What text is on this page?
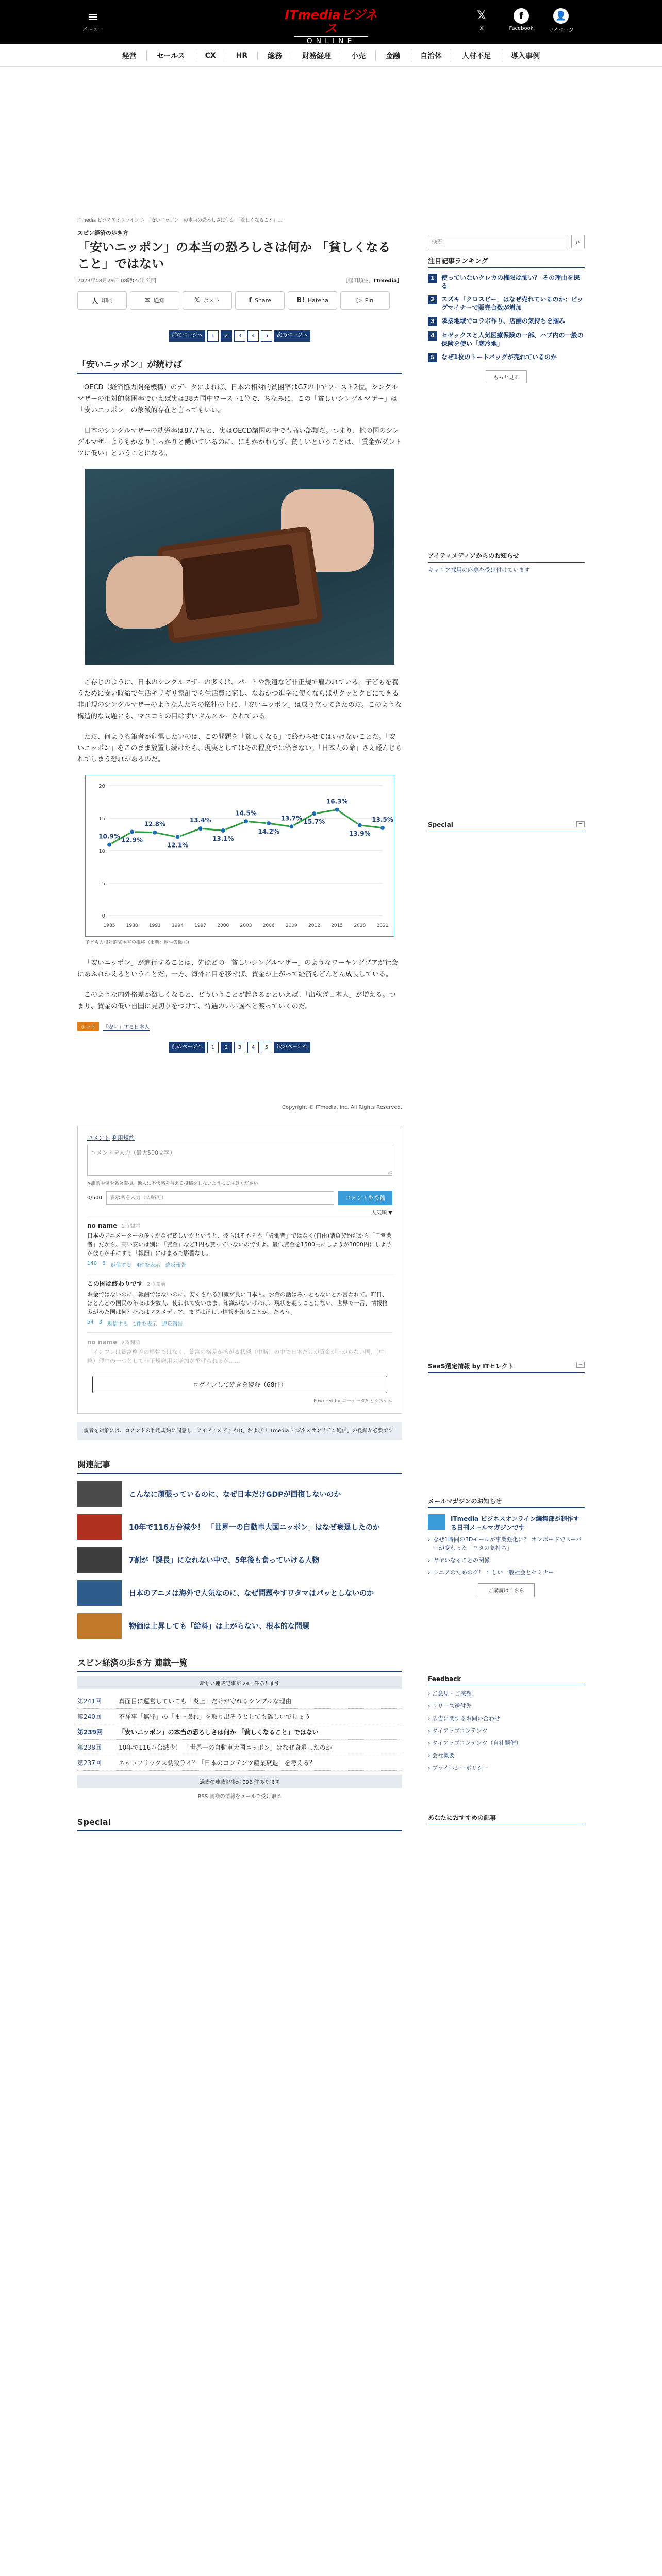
≡
メニュー
ITmediaビジネス
ONLINE
𝕏
X
f
Facebook
👤
マイページ
経営	セールス	CX	HR	総務	財務経理	小売	金融	自治体	人材不足	導入事例
ITmedia ビジネスオンライン ＞ 「安いニッポン」の本当の恐ろしさは何か 「貧しくなること」...
スピン経済の歩き方
「安いニッポン」の本当の恐ろしさは何か 「貧しくなること」ではない
2023年08月29日 08時05分 公開	［窪田順生，ITmedia］
人 印刷	✉ 通知	𝕏 ポスト	f Share	B! Hatena	▷ Pin
前のページへ	1	2	3	4	5	次のページへ
「安いニッポン」が続けば

OECD（経済協力開発機構）のデータによれば、日本の相対的貧困率はG7の中でワースト2位。シングルマザーの相対的貧困率でいえば実は38カ国中ワースト1位で、ちなみに、この「貧しいシングルマザー」は「安いニッポン」の象徴的存在と言ってもいい。

日本のシングルマザーの就労率は87.7％と、実はOECD諸国の中でも高い部類だ。つまり、他の国のシングルマザーよりもかなりしっかりと働いているのに、にもかかわらず、貧しいということは、「賃金がダントツに低い」ということになる。

ご存じのように、日本のシングルマザーの多くは、パートや派遣など非正規で雇われている。子どもを養うために安い時給で生活ギリギリ家計でも生活費に窮し、なおかつ進学に使くならばサクッとクビにできる非正規のシングルマザーのような人たちの犠牲の上に、「安いニッポン」は成り立ってきたのだ。このような構造的な問題にも、マスコミの目はずいぶんスルーされている。

ただ、何よりも筆者が危惧したいのは、この問題を「貧しくなる」で終わらせてはいけないことだ。「安いニッポン」をこのまま放置し続けたら、現実としてはその程度では済まない。「日本人の命」さえ軽んじられてしまう恐れがあるのだ。

0
5
10
15
20
1985 1988 1991 1994 1997 2000 2003 2006 2009 2012 2015 2018 2021
10.9% 12.9%
12.8%
12.1%
13.4%
13.1%
14.5%
14.2%
13.7% 15.7%
16.3%
13.9%
13.5%
子どもの相対的貧困率の推移（出典：厚生労働省）

「安いニッポン」が進行することは、先ほどの「貧しいシングルマザー」のようなワーキングプアが社会にあふれかえるということだ。一方、海外に目を移せば、賃金が上がって経済もどんどん成長している。

このような内外格差が激しくなると、どういうことが起きるかといえば、「出稼ぎ日本人」が増える。つまり、賃金の低い自国に見切りをつけて、待遇のいい国へと渡っていくのだ。

ホット	「安い」する日本人
前のページへ	1	2	3	4	5	次のページへ
Copyright © ITmedia, Inc. All Rights Reserved.
コメント 利用規約
コメントを入力（最大500文字）
※誹謗中傷や名誉棄損、他人に不快感を与える投稿をしないようにご注意ください
0/500
表示名を入力（省略可）	コメントを投稿
人気順 ▼
no name 1時間前
日本のアニメーターの多くがなぜ貧しいかというと、彼らはそもそも「労働者」ではなく(自由)請負契約だから「自営業者」だから。高い安いは別に「賃金」など1円も貰っていないのですよ。最低賃金を1500円にしようが3000円にしようが彼らが手にする「報酬」にはまるで影響なし。
140 6 返信する 4件を表示 違反報告
この国は終わりです 2時間前
お金ではないのに、報酬ではないのに。安くされる知識が良い日本人。お金の話はみっともないとか言われて。昨日、ほとんどの国民の年収は少数人、使われて安いまま。知識がないければ、現状を疑うことはない。世界で一番、情報格差がめた国は何？それはマスメディア、まずは正しい情報を知ることが、だろう。
54 3 返信する 1件を表示 違反報告
no name 2時間前
「インフレは貧富格差の根幹ではなく、貧富の格差が拡がる状態（中略）の中で日本だけが賃金が上がらない国、（中略）理由の一つとして非正規雇用の増加が挙げられるが……
ログインして続きを読む（68件）
Powered by コーデータAIとシステム
読者を対象には、コメントの利用規約に同意し「アイティメディアID」および「ITmedia ビジネスオンライン通信」の登録が必要です
関連記事
こんなに頑張っているのに、なぜ日本だけGDPが回復しないのか
10年で116万台減少！ 「世界一の自動車大国ニッポン」はなぜ衰退したのか
7割が「課長」になれない中で、5年後も食っていける人物
日本のアニメは海外で人気なのに、なぜ問題やすワタマはパッとしないのか
物価は上昇しても「給料」は上がらない、根本的な問題
スピン経済の歩き方 連載一覧
新しい連載記事が 241 件あります
第241回	真面目に運営していても「炎上」だけが守れるシンプルな理由
第240回	不祥事「無罪」の「まー撮れ」を取り出そうとしても難しいでしょう
第239回	「安いニッポン」の本当の恐ろしさは何か 「貧しくなること」ではない
第238回	10年で116万台減少！ 「世界一の自動車大国ニッポン」はなぜ衰退したのか
第237回	ネットフリックス誘致ライ？「日本のコンテンツ産業衰退」を考える？
過去の連載記事が 292 件あります
RSS 同様の情報をメールで受け取る
Special
検索
⌕
注目記事ランキング
1	使っていないクレカの権限は怖い？ その理由を探る
2	スズキ「クロスビー」はなぜ売れているのか：ビッグマイナーで販売台数が増加
3	隣接地域でコラボ作り、店舗の気持ちを掴み
4	セゼックスと人気医療保険の一部、ハブ内の一般の保険を使い「寒冷地」
5	なぜ1枚のトートバッグが売れているのか
もっと見る
アイティメディアからのお知らせ
キャリア採用の応募を受け付けています
Special	−
SaaS選定情報 by ITセレクト	−
メールマガジンのお知らせ
ITmedia ビジネスオンライン編集部が制作する日刊メールマガジンです
› なぜ1時間の3Dモールが事業強化に？ オンボードでスーパーが変わった「ワタの気持ち」
› ヤヤいなることの関係
› シニアのためのグ！ ：しい一般社会とセミナー
ご購読はこちら
Feedback
› ご意見・ご感想
› リリース送付先
› 広告に関するお問い合わせ
› タイアップコンテンツ
› タイアップコンテンツ（自社開催）
› 会社概要
› プライバシーポリシー
あなたにおすすめの記事
